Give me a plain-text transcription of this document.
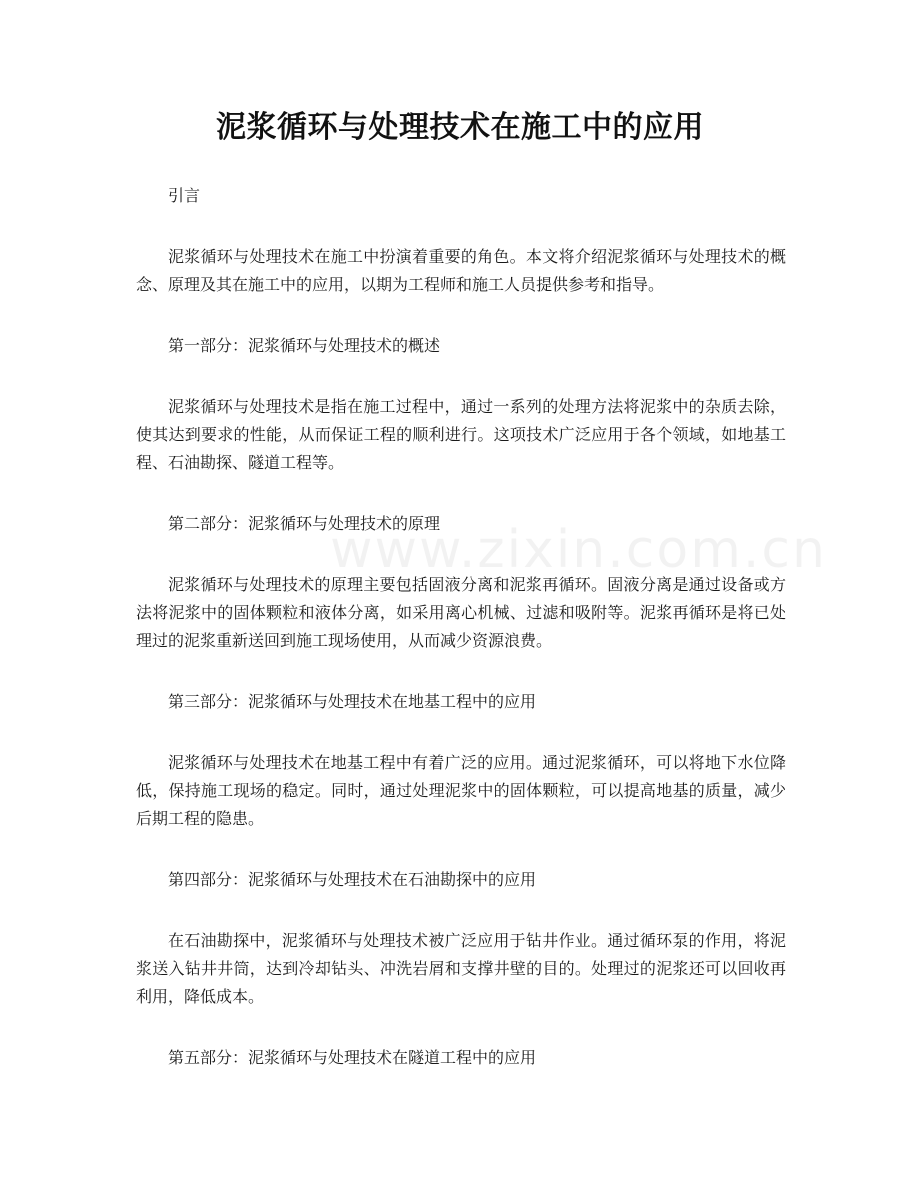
泥浆循环与处理技术在施工中的应用

引言

泥浆循环与处理技术在施工中扮演着重要的角色。本文将介绍泥浆循环与处理技术的概念、原理及其在施工中的应用，以期为工程师和施工人员提供参考和指导。

第一部分：泥浆循环与处理技术的概述

泥浆循环与处理技术是指在施工过程中，通过一系列的处理方法将泥浆中的杂质去除，使其达到要求的性能，从而保证工程的顺利进行。这项技术广泛应用于各个领域，如地基工程、石油勘探、隧道工程等。

第二部分：泥浆循环与处理技术的原理

泥浆循环与处理技术的原理主要包括固液分离和泥浆再循环。固液分离是通过设备或方法将泥浆中的固体颗粒和液体分离，如采用离心机械、过滤和吸附等。泥浆再循环是将已处理过的泥浆重新送回到施工现场使用，从而减少资源浪费。

第三部分：泥浆循环与处理技术在地基工程中的应用

泥浆循环与处理技术在地基工程中有着广泛的应用。通过泥浆循环，可以将地下水位降低，保持施工现场的稳定。同时，通过处理泥浆中的固体颗粒，可以提高地基的质量，减少后期工程的隐患。

第四部分：泥浆循环与处理技术在石油勘探中的应用

在石油勘探中，泥浆循环与处理技术被广泛应用于钻井作业。通过循环泵的作用，将泥浆送入钻井井筒，达到冷却钻头、冲洗岩屑和支撑井壁的目的。处理过的泥浆还可以回收再利用，降低成本。

第五部分：泥浆循环与处理技术在隧道工程中的应用

www.zixin.com.cn
